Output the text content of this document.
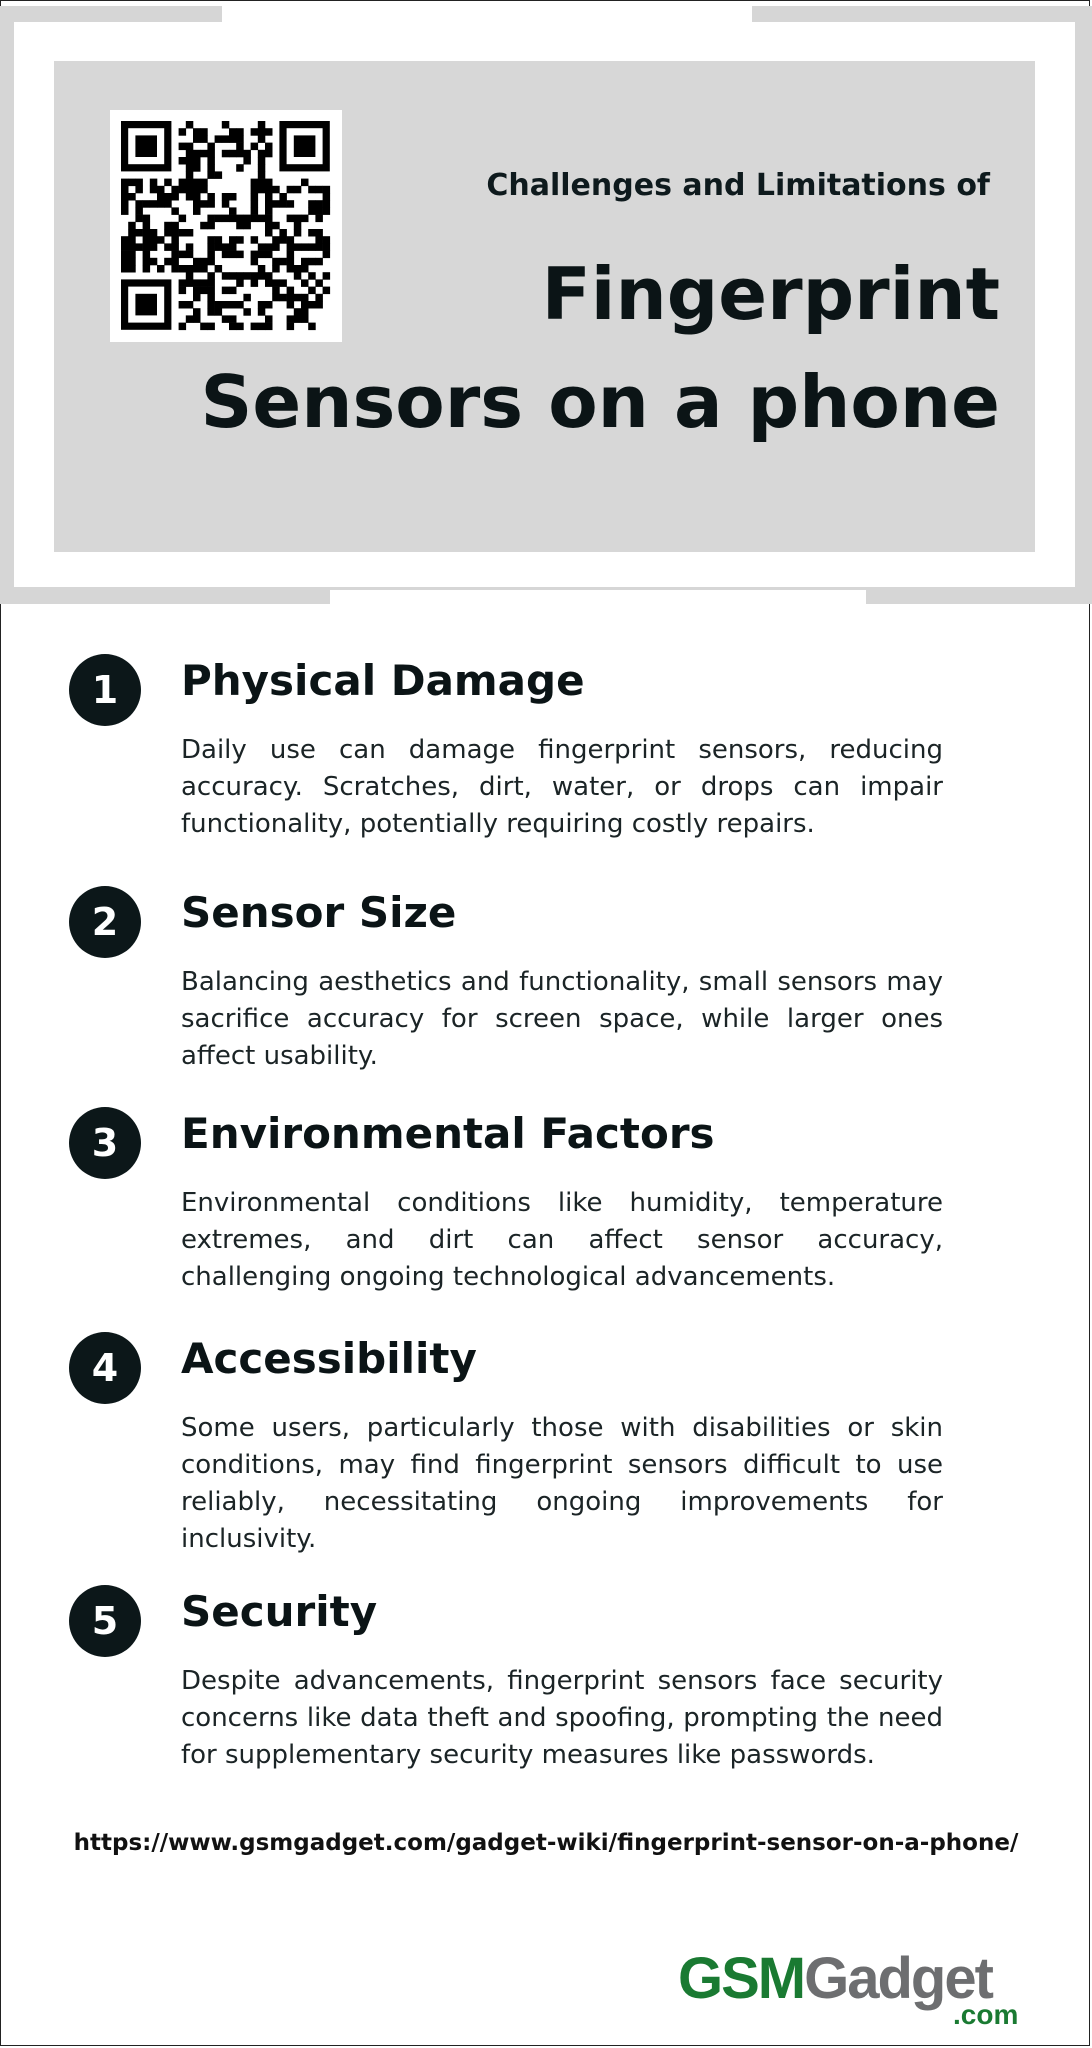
Challenges and Limitations of
Fingerprint
Sensors on a phone
1	Physical Damage
Daily use can damage fingerprint sensors, reducing accuracy. Scratches, dirt, water, or drops can impair functionality, potentially requiring costly repairs.
2	Sensor Size
Balancing aesthetics and functionality, small sensors may sacrifice accuracy for screen space, while larger ones affect usability.
3	Environmental Factors
Environmental conditions like humidity, temperature extremes, and dirt can affect sensor accuracy, challenging ongoing technological advancements.
4	Accessibility
Some users, particularly those with disabilities or skin conditions, may find fingerprint sensors difficult to use reliably, necessitating ongoing improvements for inclusivity.
5	Security
Despite advancements, fingerprint sensors face security concerns like data theft and spoofing, prompting the need for supplementary security measures like passwords.
https://www.gsmgadget.com/gadget-wiki/fingerprint-sensor-on-a-phone/
GSMGadget
.com
